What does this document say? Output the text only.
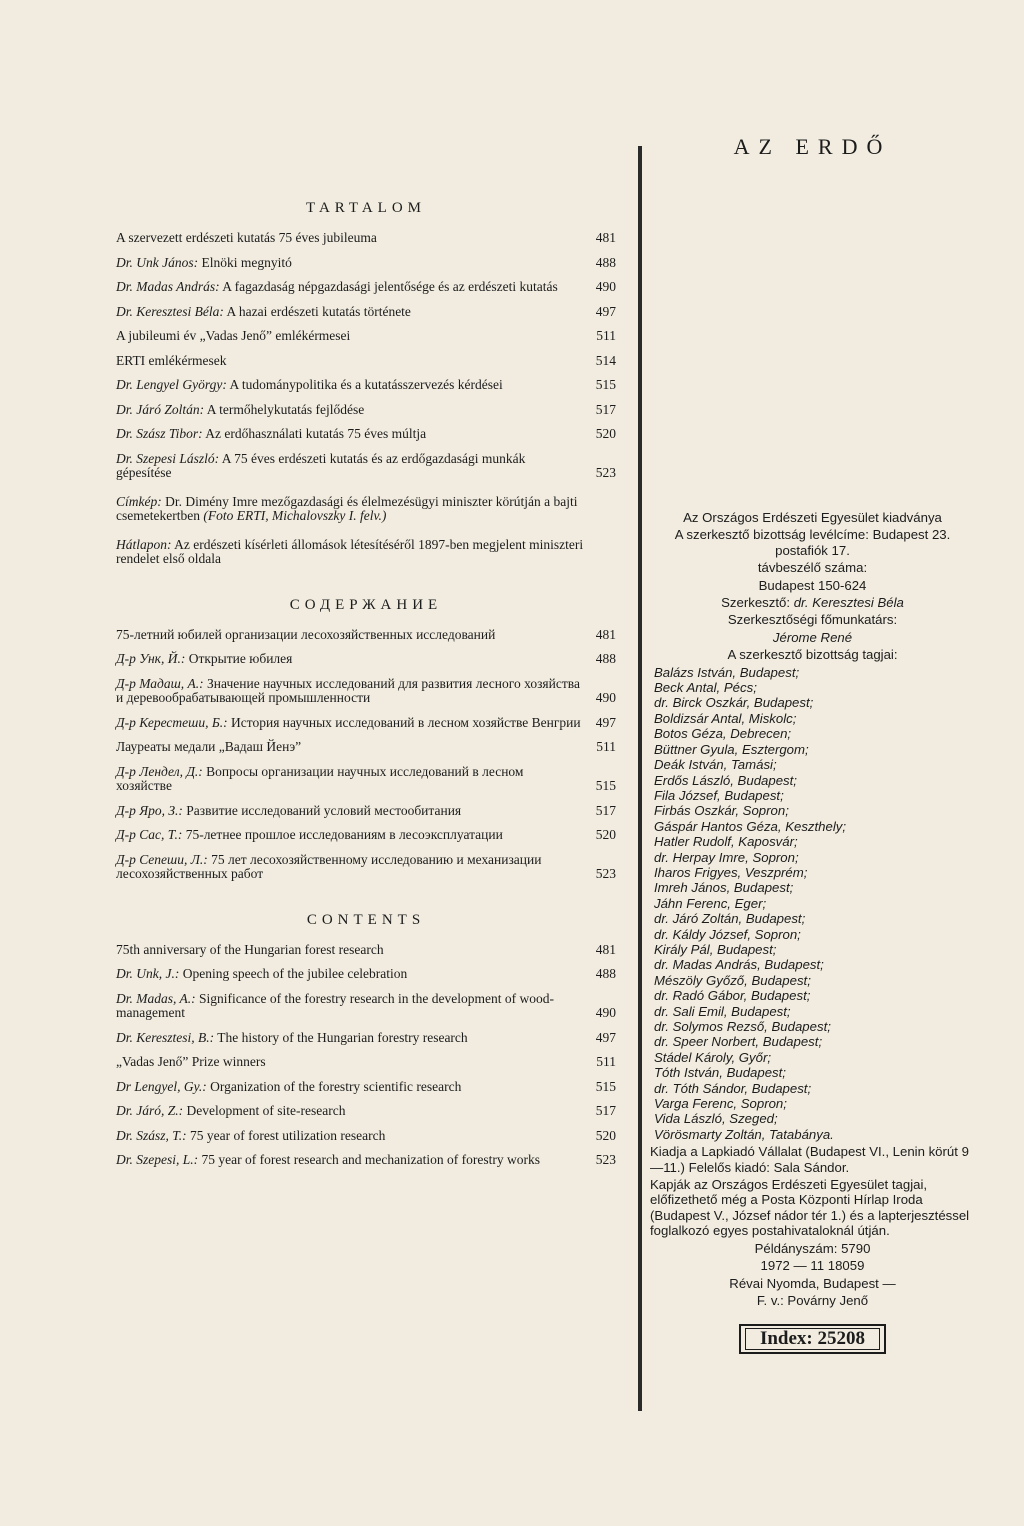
TARTALOM
A szervezett erdészeti kutatás 75 éves jubileuma	481
Dr. Unk János: Elnöki megnyitó	488
Dr. Madas András: A fagazdaság népgazdasági jelentősége és az erdészeti kutatás	490
Dr. Keresztesi Béla: A hazai erdészeti kutatás története	497
A jubileumi év „Vadas Jenő” emlékérmesei	511
ERTI emlékérmesek	514
Dr. Lengyel György: A tudománypolitika és a kutatásszervezés kérdései	515
Dr. Járó Zoltán: A termőhelykutatás fejlődése	517
Dr. Szász Tibor: Az erdőhasználati kutatás 75 éves múltja	520
Dr. Szepesi László: A 75 éves erdészeti kutatás és az erdőgazdasági munkák gépesítése	523
Címkép: Dr. Dimény Imre mezőgazdasági és élelmezésügyi miniszter körútján a bajti csemetekertben (Foto ERTI, Michalovszky I. felv.)
Hátlapon: Az erdészeti kísérleti állomások létesítéséről 1897-ben megjelent miniszteri rendelet első oldala
СОДЕРЖАНИЕ
75-летний юбилей организации лесохозяйственных исследований	481
Д-р Унк, Й.: Открытие юбилея	488
Д-р Мадаш, А.: Значение научных исследований для развития лесного хозяйства и деревообрабатывающей промышленности	490
Д-р Керестеши, Б.: История научных исследований в лесном хозяйстве Венгрии	497
Лауреаты медали „Вадаш Йенэ”	511
Д-р Лендел, Д.: Вопросы организации научных исследований в лесном хозяйстве	515
Д-р Яро, З.: Развитие исследований условий местообитания	517
Д-р Сас, Т.: 75-летнее прошлое исследованиям в лесоэксплуатации	520
Д-р Сепеши, Л.: 75 лет лесохозяйственному исследованию и механизации лесохозяйственных работ	523
CONTENTS
75th anniversary of the Hungarian forest research	481
Dr. Unk, J.: Opening speech of the jubilee celebration	488
Dr. Madas, A.: Significance of the forestry research in the development of wood-management	490
Dr. Keresztesi, B.: The history of the Hungarian forestry research	497
„Vadas Jenő” Prize winners	511
Dr Lengyel, Gy.: Organization of the forestry scientific research	515
Dr. Járó, Z.: Development of site-research	517
Dr. Szász, T.: 75 year of forest utilization research	520
Dr. Szepesi, L.: 75 year of forest research and mechanization of forestry works	523
AZ ERDŐ

Az Országos Erdészeti Egyesület kiadványa

A szerkesztő bizottság levélcíme: Budapest 23. postafiók 17.

távbeszélő száma:

Budapest 150-624

Szerkesztő: dr. Keresztesi Béla

Szerkesztőségi főmunkatárs:

Jérome René

A szerkesztő bizottság tagjai:

Balázs István, Budapest;
Beck Antal, Pécs;
dr. Birck Oszkár, Budapest;
Boldizsár Antal, Miskolc;
Botos Géza, Debrecen;
Büttner Gyula, Esztergom;
Deák István, Tamási;
Erdős László, Budapest;
Fila József, Budapest;
Firbás Oszkár, Sopron;
Gáspár Hantos Géza, Keszthely;
Hatler Rudolf, Kaposvár;
dr. Herpay Imre, Sopron;
Iharos Frigyes, Veszprém;
Imreh János, Budapest;
Jáhn Ferenc, Eger;
dr. Járó Zoltán, Budapest;
dr. Káldy József, Sopron;
Király Pál, Budapest;
dr. Madas András, Budapest;
Mészöly Győző, Budapest;
dr. Radó Gábor, Budapest;
dr. Sali Emil, Budapest;
dr. Solymos Rezső, Budapest;
dr. Speer Norbert, Budapest;
Stádel Károly, Győr;
Tóth István, Budapest;
dr. Tóth Sándor, Budapest;
Varga Ferenc, Sopron;
Vida László, Szeged;
Vörösmarty Zoltán, Tatabánya.

Kiadja a Lapkiadó Vállalat (Budapest VI., Lenin körút 9—11.) Felelős kiadó: Sala Sándor.

Kapják az Országos Erdészeti Egyesület tagjai, előfizethető még a Posta Központi Hírlap Iroda (Budapest V., József nádor tér 1.) és a lapterjesztéssel foglalkozó egyes postahivataloknál útján.

Példányszám: 5790

1972 — 11 18059

Révai Nyomda, Budapest —

F. v.: Povárny Jenő

Index: 25208
